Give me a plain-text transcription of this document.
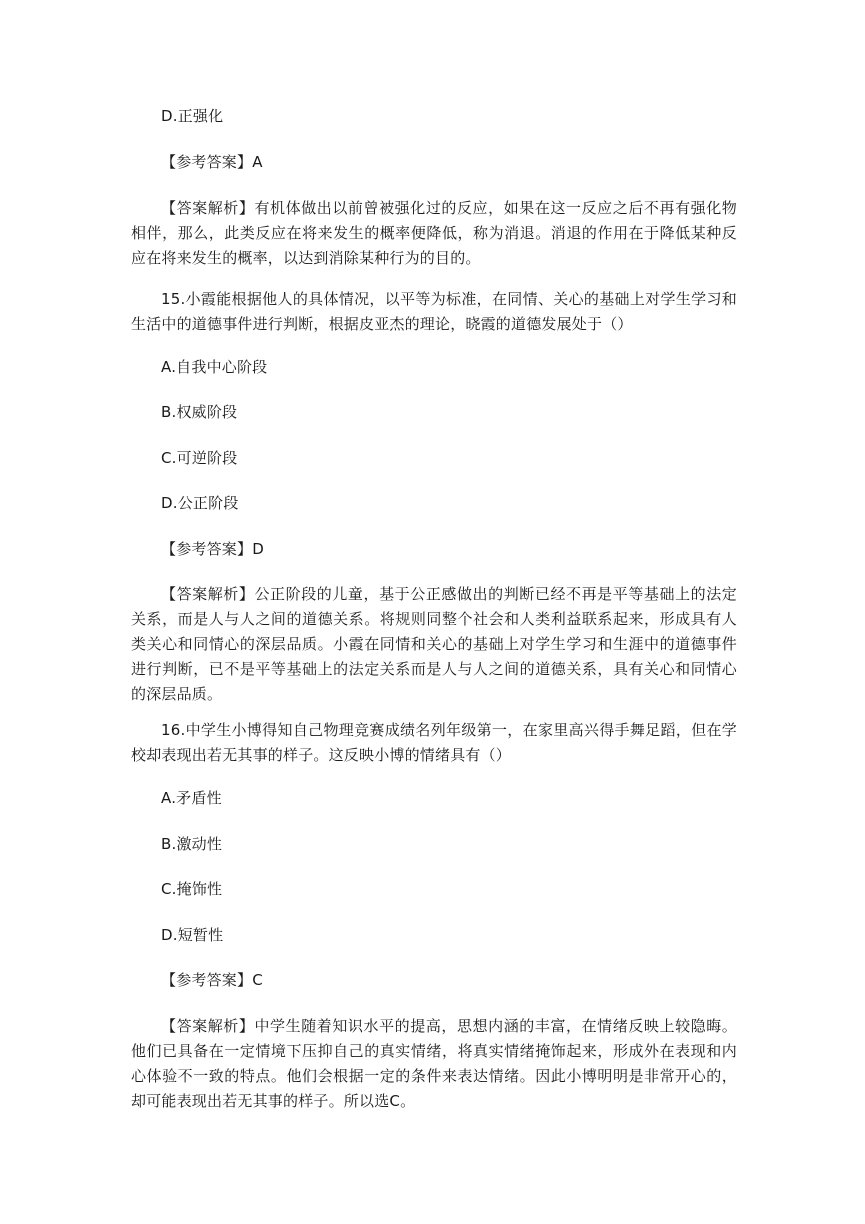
D.正强化

【参考答案】A

【答案解析】有机体做出以前曾被强化过的反应，如果在这一反应之后不再有强化物相伴，那么，此类反应在将来发生的概率便降低，称为消退。消退的作用在于降低某种反应在将来发生的概率，以达到消除某种行为的目的。

15.小霞能根据他人的具体情况，以平等为标准，在同情、关心的基础上对学生学习和生活中的道德事件进行判断，根据皮亚杰的理论，晓霞的道德发展处于（）

A.自我中心阶段

B.权威阶段

C.可逆阶段

D.公正阶段

【参考答案】D

【答案解析】公正阶段的儿童，基于公正感做出的判断已经不再是平等基础上的法定关系，而是人与人之间的道德关系。将规则同整个社会和人类利益联系起来，形成具有人类关心和同情心的深层品质。小霞在同情和关心的基础上对学生学习和生涯中的道德事件进行判断，已不是平等基础上的法定关系而是人与人之间的道德关系，具有关心和同情心的深层品质。

16.中学生小博得知自己物理竞赛成绩名列年级第一，在家里高兴得手舞足蹈，但在学校却表现出若无其事的样子。这反映小博的情绪具有（）

A.矛盾性

B.激动性

C.掩饰性

D.短暂性

【参考答案】C

【答案解析】中学生随着知识水平的提高，思想内涵的丰富，在情绪反映上较隐晦。他们已具备在一定情境下压抑自己的真实情绪，将真实情绪掩饰起来，形成外在表现和内心体验不一致的特点。他们会根据一定的条件来表达情绪。因此小博明明是非常开心的，却可能表现出若无其事的样子。所以选C。
